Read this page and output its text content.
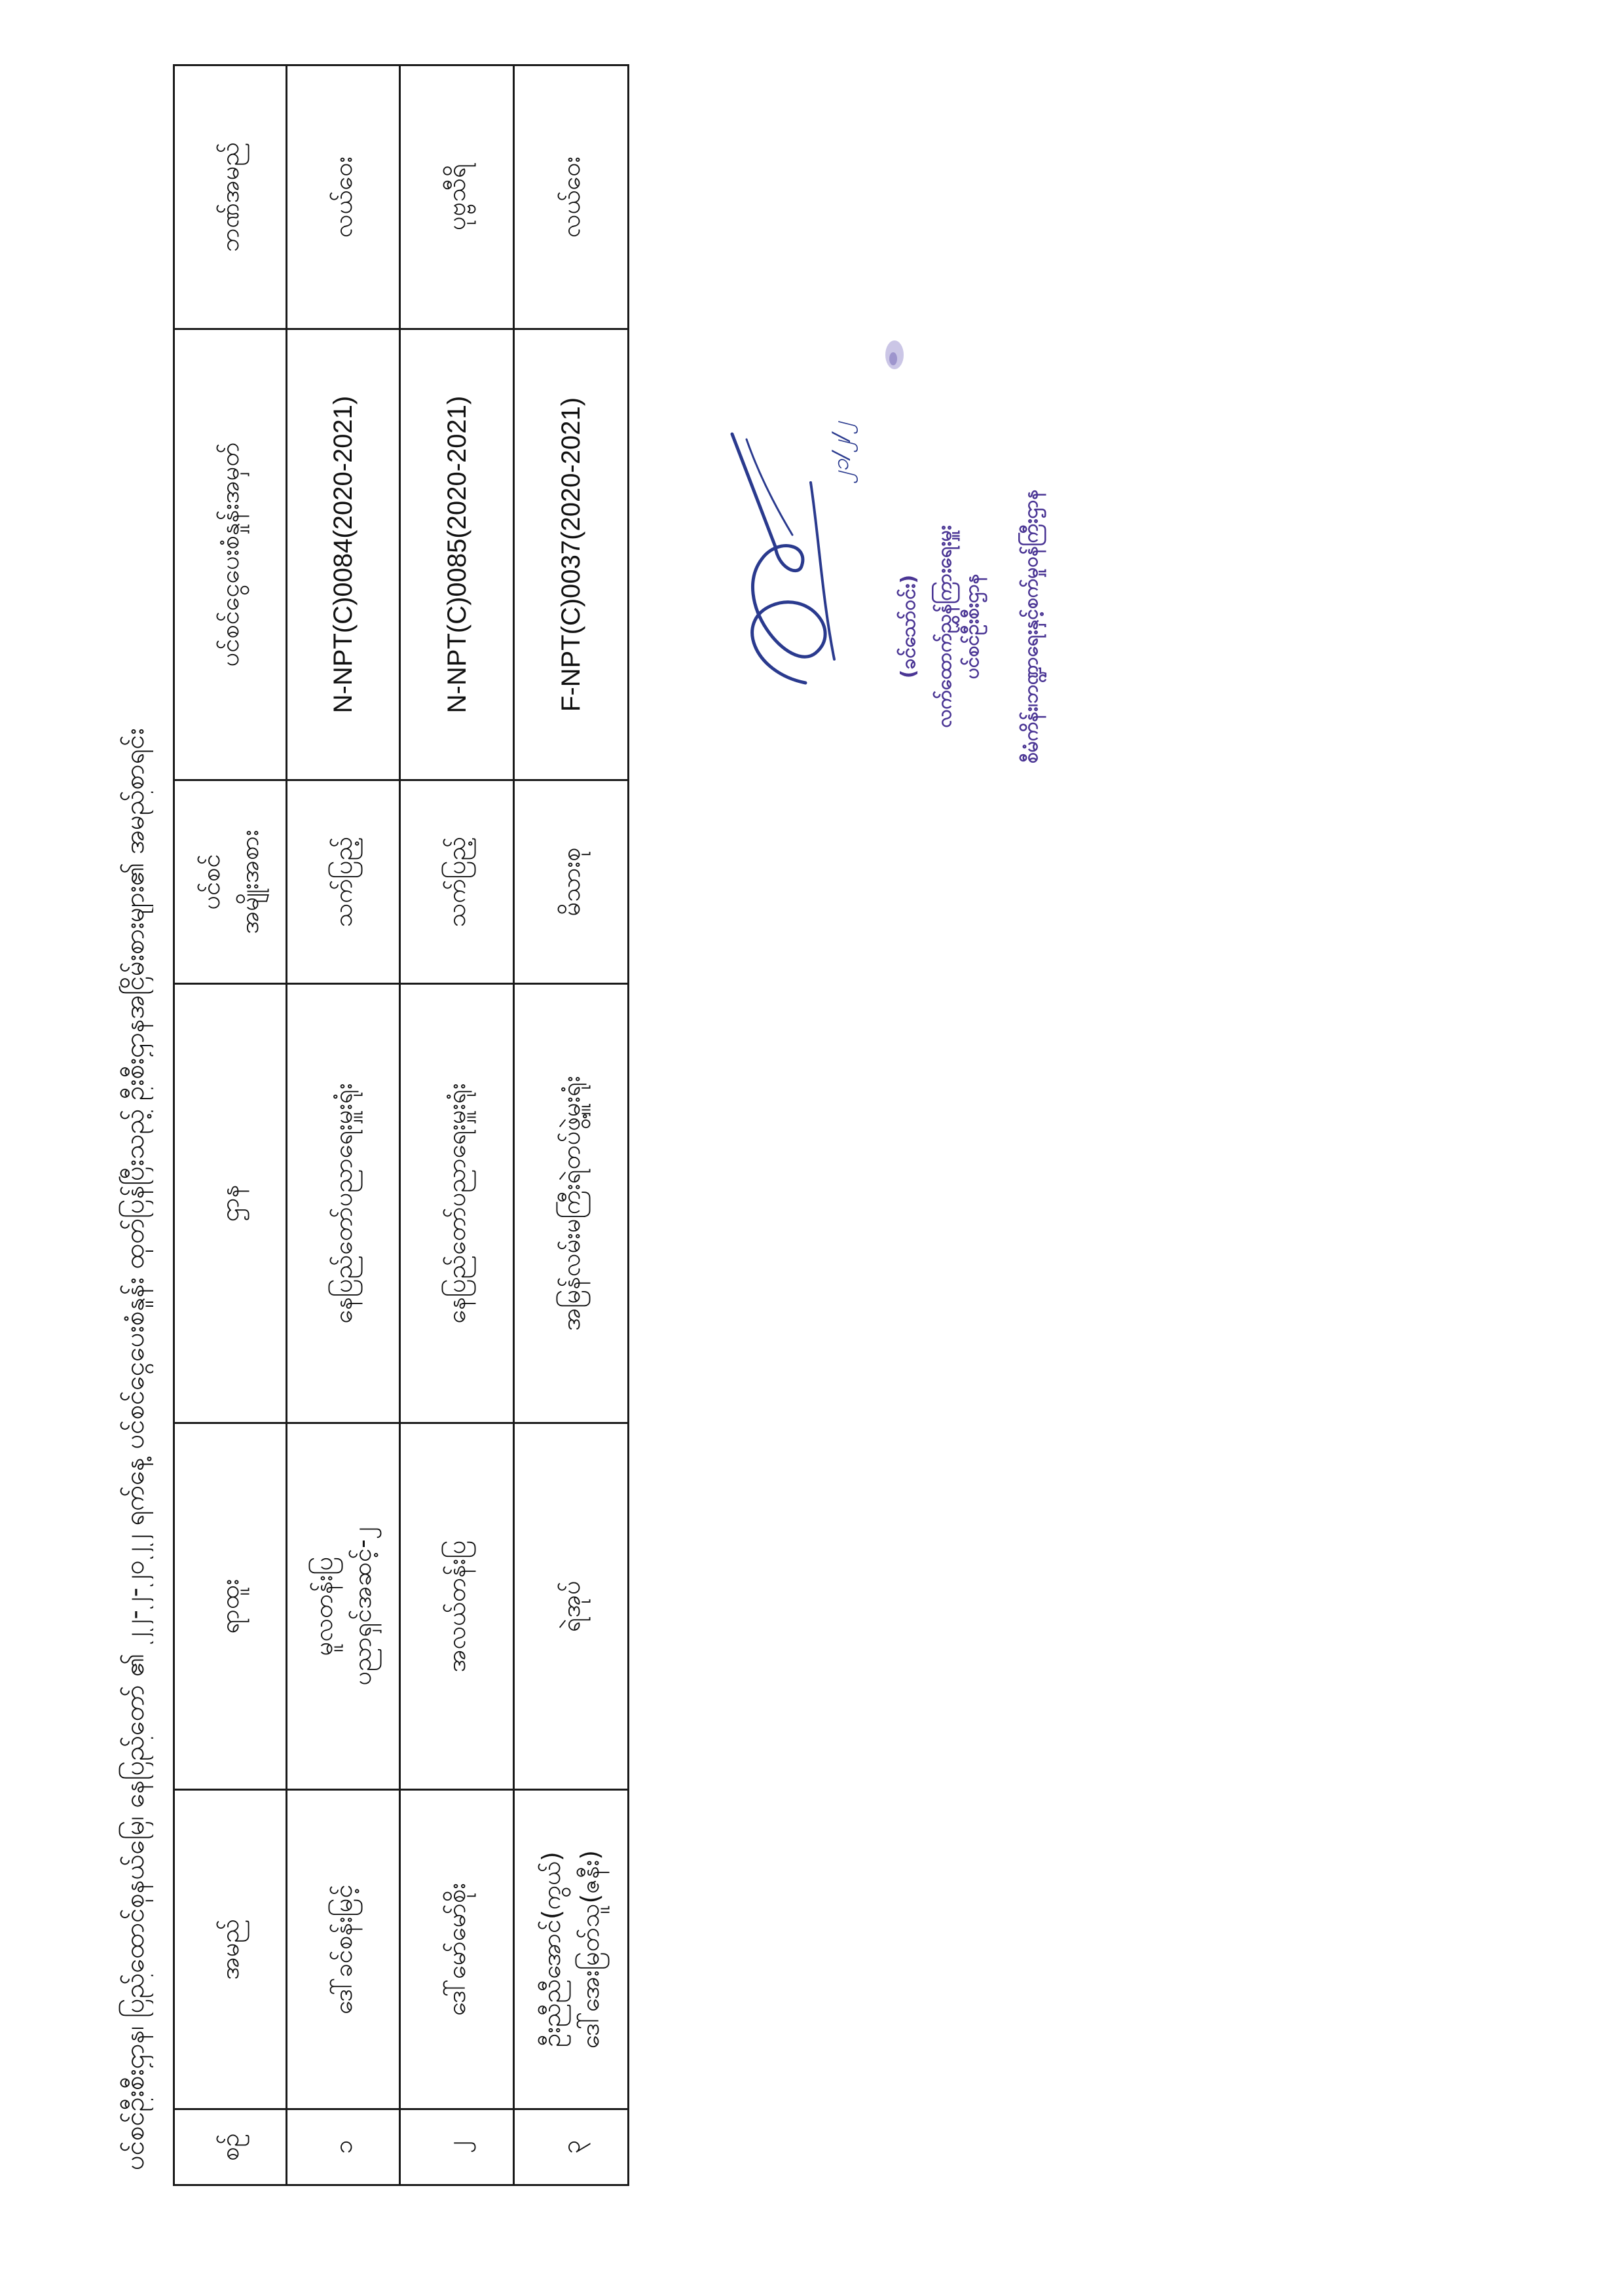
ပင်စင်ဦးစီးဌာန၊ ပြည်ထောင်စုနယ်မြေ၊ နေပြည်တော် ၏ ၂၂-၂-၂၀၂၂ ရက်နေ့ ပင်စင်ငွေပေးစံနှုန်း ထုတ်ပြန်ပြီးသည့် ဦးစီးဌာနအငြိမ်းစားများ၏ အမည်စာရင်း	စဉ်	အမည်	ရာထူး	ဌာန	ပင်စင် အမျိုးအစား	ပင်စင်ငွေပေးစံနှုန်းအမှတ်	ဘဏ်အမည်
၁	ဒေါ်ခင်စန်းမြင့်	မူလတန်းပြ ပညာရှင်အဆင့်-၂	နေပြည်တော်ပညာရေးမှူးရုံး	သက်ပြည့်	N-NPT(C)0084(2020-2021)	လယ်ဝေး
၂	ဒေါ်မော်မော်စိုး	အလယ်တန်းပြ	နေပြည်တော်ပညာရေးမှူးရုံး	သက်ပြည့်	N-NPT(C)0085(2020-2021)	ပုဗ္ဗသီရိ
၃	ဦးညီညီအောင်(ကွယ်) ဒေါ်အေးမြတ်သူ(ဇနီး)	ရဲအုပ်	အမြန်လမ်းမကြီးရဲတပ်ဖွဲ့မှူးရုံး	မိသားစု	F-NPT(C)0037(2020-2021)	လယ်ဝေး
၂၁/၂/၂
(ခင်သော်ဝင်း) လက်ထောက်ညွှန်ကြားရေးမှူး ပင်စင်ဦးစီးဌာန စီမံကိန်း၊ဘဏ္ဍာရေးနှင့်စက်မှုဝန်ကြီးဌာန
